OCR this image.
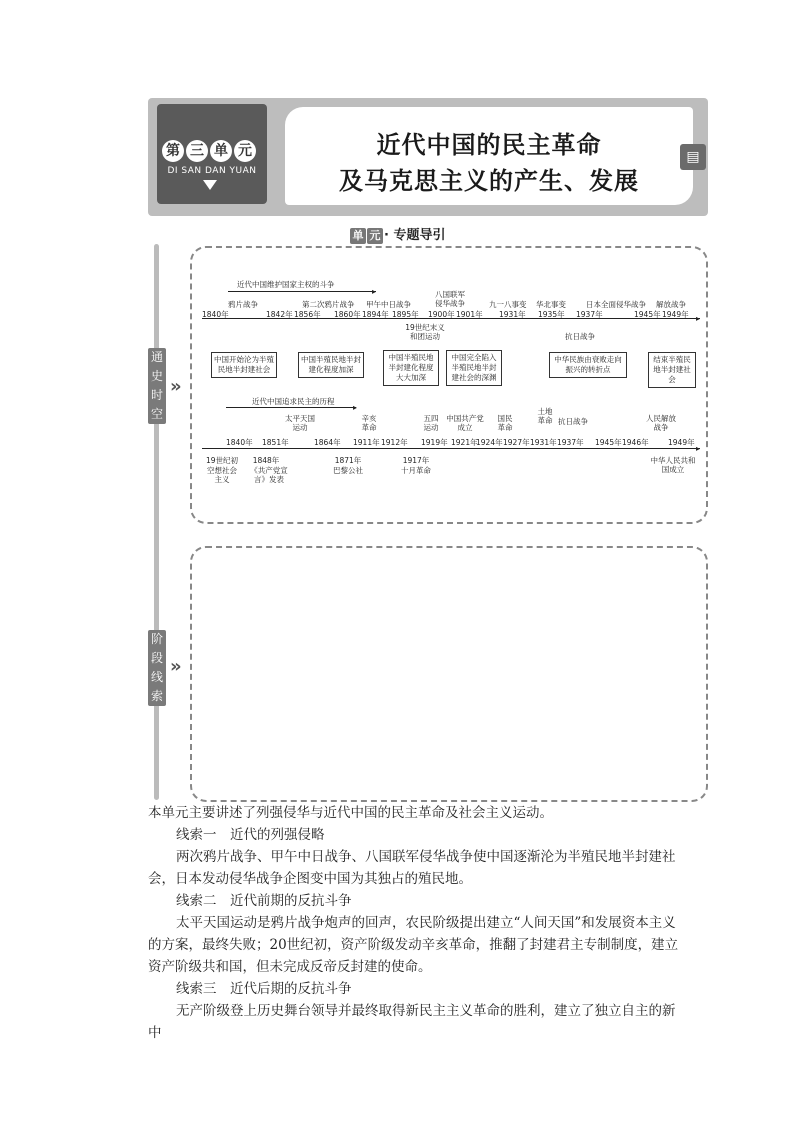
第 三 单 元
DI SAN DAN YUAN
近代中国的民主革命
及马克思主义的产生、发展
▤
单 元 · 专题导引
通
史
时
空
»
阶
段
线
索
»
近代中国维护国家主权的斗争
▸
▸
鸦片战争	第二次鸦片战争 甲午中日战争
八国联军侵华战争	九一八事变 华北事变	日本全面侵华战争 解放战争
1840年	1842年 1856年 1860年 1894年 1895年 1900年 1901年 1931年 1935年 1937年	1945年 1949年
19世纪末义和团运动	抗日战争
中国开始沦为半殖民地半封建社会
中国半殖民地半封建化程度加深
中国半殖民地半封建化程度大大加深
中国完全陷入半殖民地半封建社会的深渊
中华民族由衰败走向振兴的转折点
结束半殖民地半封建社会
近代中国追求民主的历程
▸
▸
太平天国运动
辛亥革命
五四运动
中国共产党成立
国民革命
土地革命 抗日战争	人民解放战争
1840年 1851年	1864年 1911年 1912年 1919年 1921年
1924年 1927年 1931年 1937年 1945年 1946年	1949年
19世纪初
空想社会主义
1848年
《共产党宣言》发表
1871年
巴黎公社
1917年
十月革命
中华人民共和国成立
本单元主要讲述了列强侵华与近代中国的民主革命及社会主义运动。
线索一　近代的列强侵略
两次鸦片战争、甲午中日战争、八国联军侵华战争使中国逐渐沦为半殖民地半封建社会，日本发动侵华战争企图变中国为其独占的殖民地。
线索二　近代前期的反抗斗争
太平天国运动是鸦片战争炮声的回声，农民阶级提出建立“人间天国”和发展资本主义的方案，最终失败；20世纪初，资产阶级发动辛亥革命，推翻了封建君主专制制度，建立资产阶级共和国，但未完成反帝反封建的使命。
线索三　近代后期的反抗斗争
无产阶级登上历史舞台领导并最终取得新民主主义革命的胜利，建立了独立自主的新中
